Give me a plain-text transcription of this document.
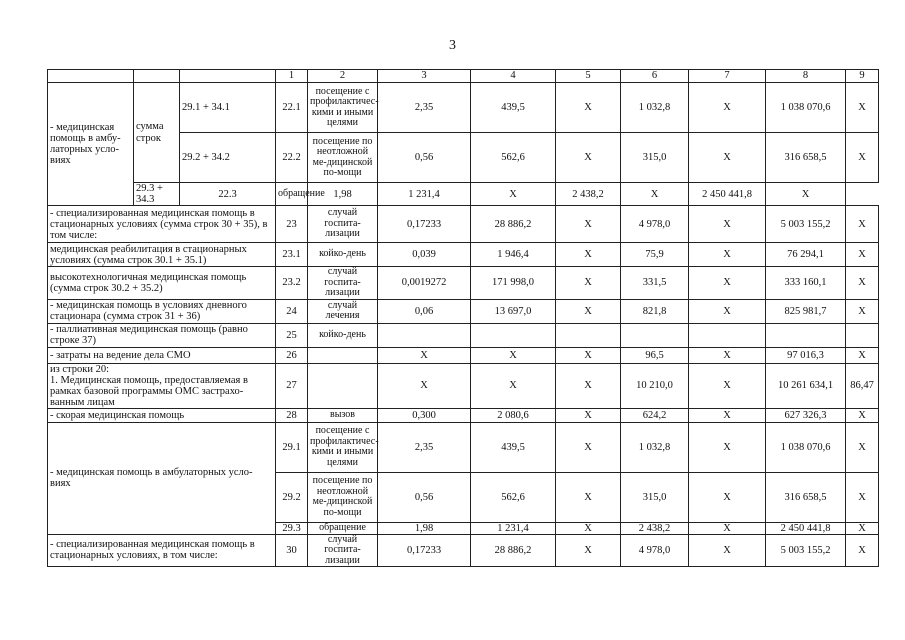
3
			1	2	3	4	5	6	7	8	9
- медицинская помощь в амбу-латорных усло-виях	сумма строк	29.1 + 34.1	22.1	посещение с профилактичес-кими и иными целями	2,35	439,5	X	1 032,8	X	1 038 070,6	X
		29.2 + 34.2	22.2	посещение по неотложной ме-дицинской по-мощи	0,56	562,6	X	315,0	X	316 658,5	X
	29.3 + 34.3	22.3	обращение	1,98	1 231,4	X	2 438,2	X	2 450 441,8	X	
- специализированная медицинская помощь в стационарных условиях (сумма строк 30 + 35), в том числе:			23	случай госпита-лизации	0,17233	28 886,2	X	4 978,0	X	5 003 155,2	X
медицинская реабилитация в стационарных условиях (сумма строк 30.1 + 35.1)			23.1	койко-день	0,039	1 946,4	X	75,9	X	76 294,1	X
высокотехнологичная медицинская помощь (сумма строк 30.2 + 35.2)			23.2	случай госпита-лизации	0,0019272	171 998,0	X	331,5	X	333 160,1	X
- медицинская помощь в условиях дневного стационара (сумма строк 31 + 36)			24	случай лечения	0,06	13 697,0	X	821,8	X	825 981,7	X
- паллиативная медицинская помощь (равно строке 37)			25	койко-день							
- затраты на ведение дела СМО			26		X	X	X	96,5	X	97 016,3	X
из строки 20:
1. Медицинская помощь, предоставляемая в рамках базовой программы ОМС застрахо-ванным лицам			27		X	X	X	10 210,0	X	10 261 634,1	86,47
- скорая медицинская помощь			28	вызов	0,300	2 080,6	X	624,2	X	627 326,3	X
- медицинская помощь в амбулаторных усло-виях			29.1	посещение с профилактичес-кими и иными целями	2,35	439,5	X	1 032,8	X	1 038 070,6	X
			29.2	посещение по неотложной ме-дицинской по-мощи	0,56	562,6	X	315,0	X	316 658,5	X
			29.3	обращение	1,98	1 231,4	X	2 438,2	X	2 450 441,8	X
- специализированная медицинская помощь в стационарных условиях, в том числе:			30	случай госпита-лизации	0,17233	28 886,2	X	4 978,0	X	5 003 155,2	X
